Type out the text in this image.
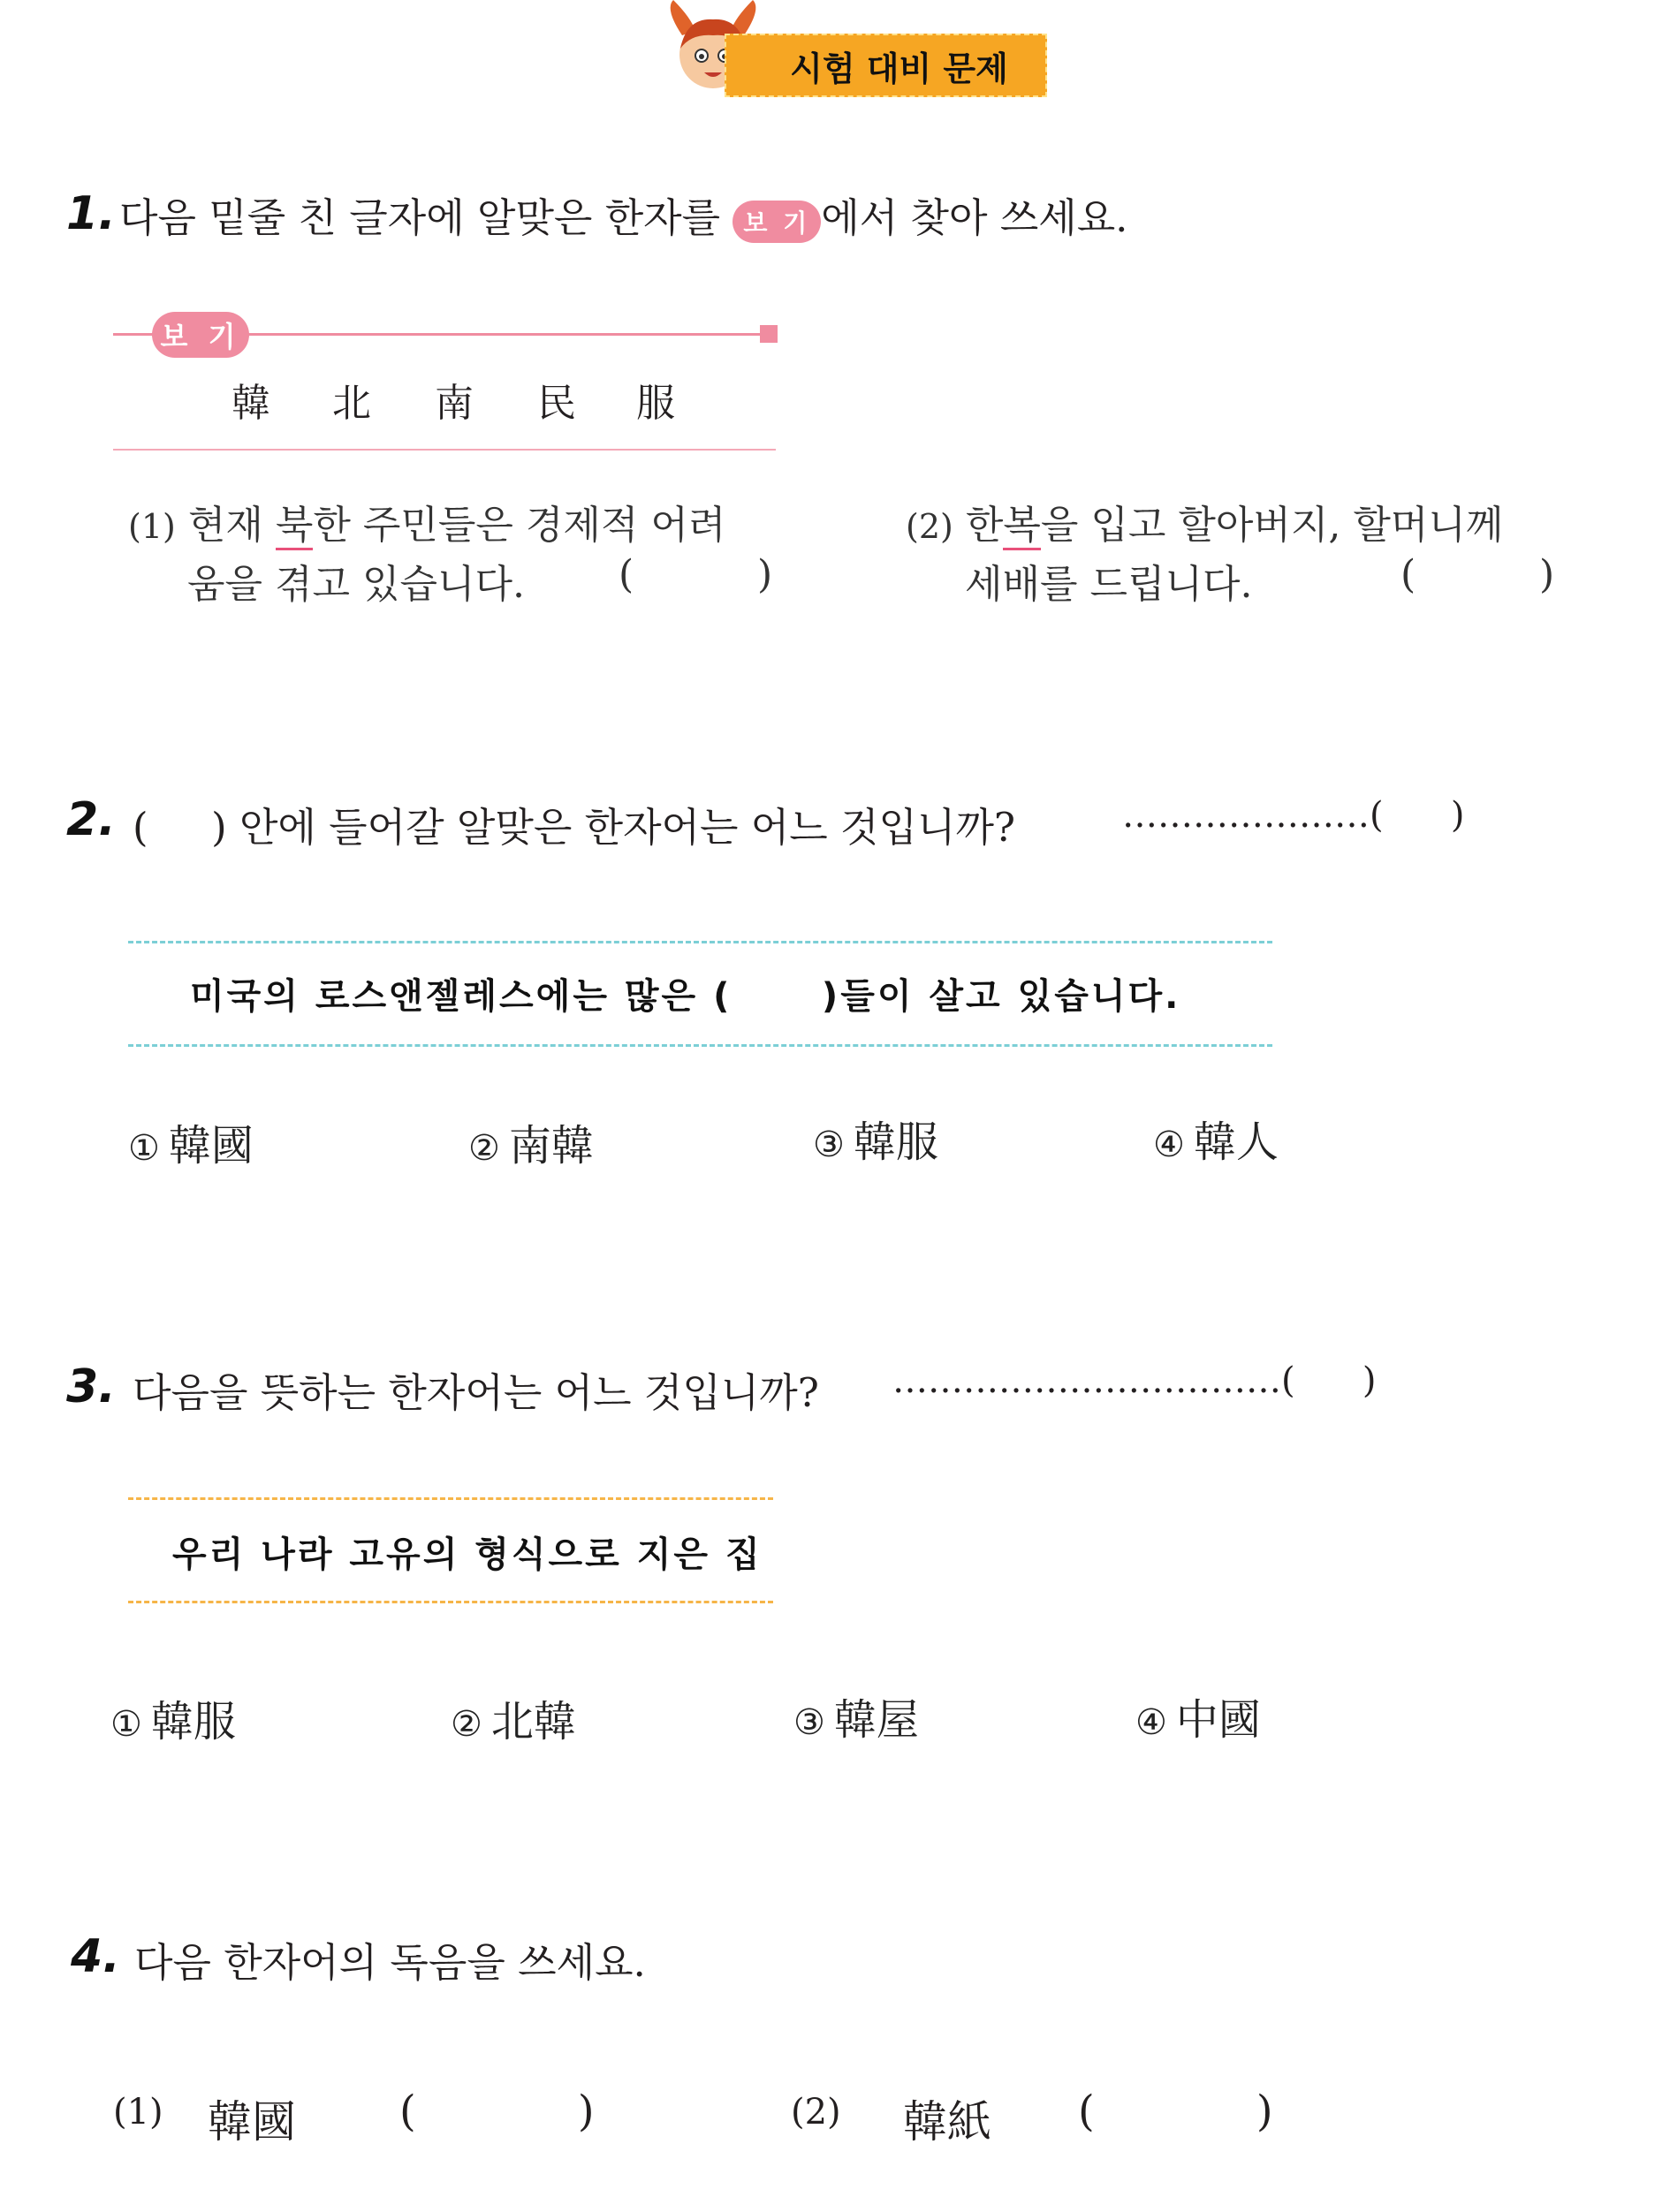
시험 대비 문제
1. 다음 밑줄 친 글자에 알맞은 한자를 보 기 에서 찾아 쓰세요.
보 기
韓 北 南 民 服
(1) 현재 북한 주민들은 경제적 어려
움을 겪고 있습니다. (          )
(2) 한복을 입고 할아버지, 할머니께
세배를 드립니다.	(          )
2. (     ) 안에 들어갈 알맞은 한자어는 어느 것입니까?	…………………(      )
미국의 로스앤젤레스에는 많은 (      )들이 살고 있습니다.
① 韓國	② 南韓	③ 韓服	④ 韓人
3. 다음을 뜻하는 한자어는 어느 것입니까? ……………………………(      )
우리 나라 고유의 형식으로 지은 집
① 韓服	② 北韓	③ 韓屋	④ 中國
4. 다음 한자어의 독음을 쓰세요.
(1) 韓國 (            )	(2) 韓紙 (            )
